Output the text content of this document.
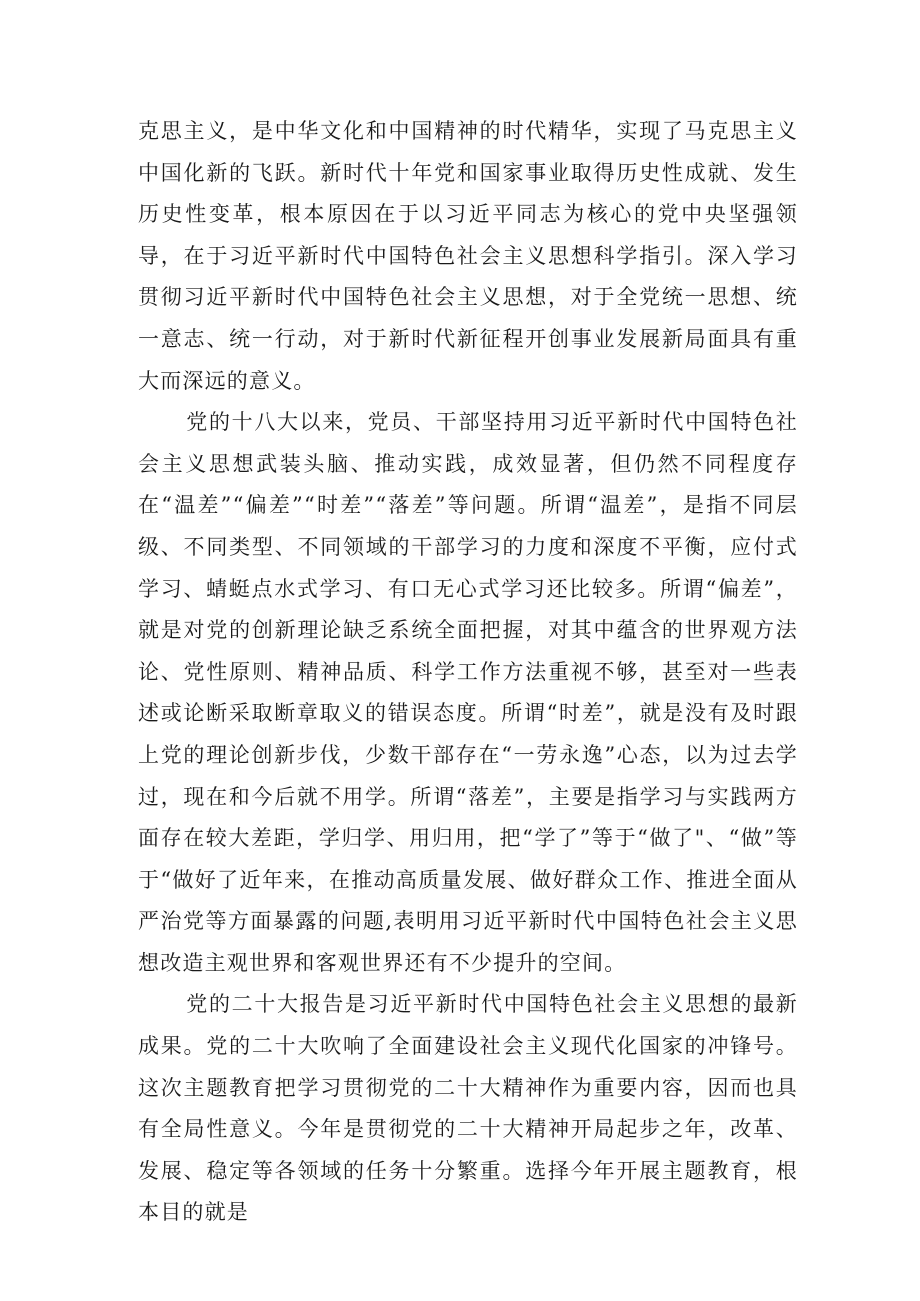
克思主义，是中华文化和中国精神的时代精华，实现了马克思主义中国化新的飞跃。新时代十年党和国家事业取得历史性成就、发生历史性变革，根本原因在于以习近平同志为核心的党中央坚强领导，在于习近平新时代中国特色社会主义思想科学指引。深入学习贯彻习近平新时代中国特色社会主义思想，对于全党统一思想、统一意志、统一行动，对于新时代新征程开创事业发展新局面具有重大而深远的意义。

党的十八大以来，党员、干部坚持用习近平新时代中国特色社会主义思想武装头脑、推动实践，成效显著，但仍然不同程度存在“温差”“偏差”“时差”“落差”等问题。所谓“温差”，是指不同层级、不同类型、不同领域的干部学习的力度和深度不平衡，应付式学习、蜻蜓点水式学习、有口无心式学习还比较多。所谓“偏差”，就是对党的创新理论缺乏系统全面把握，对其中蕴含的世界观方法论、党性原则、精神品质、科学工作方法重视不够，甚至对一些表述或论断采取断章取义的错误态度。所谓“时差”，就是没有及时跟上党的理论创新步伐，少数干部存在“一劳永逸”心态，以为过去学过，现在和今后就不用学。所谓“落差”，主要是指学习与实践两方面存在较大差距，学归学、用归用，把“学了”等于“做了"、“做”等于“做好了近年来，在推动高质量发展、做好群众工作、推进全面从严治党等方面暴露的问题,表明用习近平新时代中国特色社会主义思想改造主观世界和客观世界还有不少提升的空间。

党的二十大报告是习近平新时代中国特色社会主义思想的最新成果。党的二十大吹响了全面建设社会主义现代化国家的冲锋号。这次主题教育把学习贯彻党的二十大精神作为重要内容，因而也具有全局性意义。今年是贯彻党的二十大精神开局起步之年，改革、发展、稳定等各领域的任务十分繁重。选择今年开展主题教育，根本目的就是
